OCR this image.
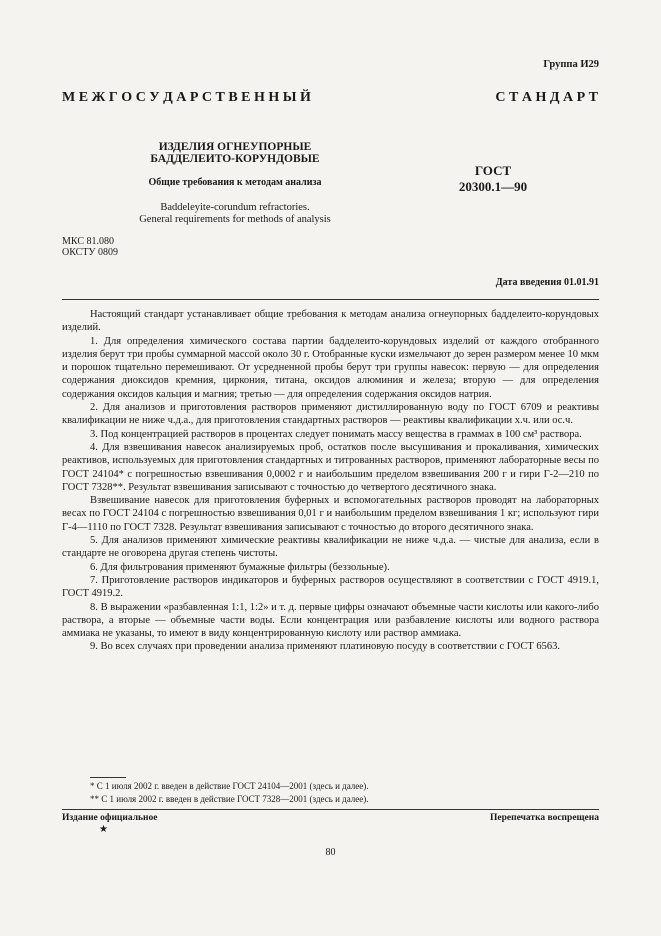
Группа И29
М Е Ж Г О С У Д А Р С Т В Е Н Н Ы Й	С Т А Н Д А Р Т
ИЗДЕЛИЯ ОГНЕУПОРНЫЕ
БАДДЕЛЕИТО-КОРУНДОВЫЕ
Общие требования к методам анализа
Baddeleyite-corundum refractories.
General requirements for methods of analysis
ГОСТ
20300.1—90
МКС 81.080
ОКСТУ 0809
Дата введения 01.01.91

Настоящий стандарт устанавливает общие требования к методам анализа огнеупорных бадделеито-корундовых изделий.

1. Для определения химического состава партии бадделеито-корундовых изделий от каждого отобранного изделия берут три пробы суммарной массой около 30 г. Отобранные куски измельчают до зерен размером менее 10 мкм и порошок тщательно перемешивают. От усредненной пробы берут три группы навесок: первую — для определения содержания диоксидов кремния, циркония, титана, оксидов алюминия и железа; вторую — для определения содержания оксидов кальция и магния; третью — для определения содержания оксидов натрия.

2. Для анализов и приготовления растворов применяют дистиллированную воду по ГОСТ 6709 и реактивы квалификации не ниже ч.д.а., для приготовления стандартных растворов — реактивы квалификации х.ч. или ос.ч.

3. Под концентрацией растворов в процентах следует понимать массу вещества в граммах в 100 см³ раствора.

4. Для взвешивания навесок анализируемых проб, остатков после высушивания и прокаливания, химических реактивов, используемых для приготовления стандартных и титрованных растворов, применяют лабораторные весы по ГОСТ 24104* с погрешностью взвешивания 0,0002 г и наибольшим пределом взвешивания 200 г и гири Г-2—210 по ГОСТ 7328**. Результат взвешивания записывают с точностью до четвертого десятичного знака.

Взвешивание навесок для приготовления буферных и вспомогательных растворов проводят на лабораторных весах по ГОСТ 24104 с погрешностью взвешивания 0,01 г и наибольшим пределом взвешивания 1 кг; используют гири Г-4—1110 по ГОСТ 7328. Результат взвешивания записывают с точностью до второго десятичного знака.

5. Для анализов применяют химические реактивы квалификации не ниже ч.д.а. — чистые для анализа, если в стандарте не оговорена другая степень чистоты.

6. Для фильтрования применяют бумажные фильтры (беззольные).

7. Приготовление растворов индикаторов и буферных растворов осуществляют в соответствии с ГОСТ 4919.1, ГОСТ 4919.2.

8. В выражении «разбавленная 1:1, 1:2» и т. д. первые цифры означают объемные части кислоты или какого-либо раствора, а вторые — объемные части воды. Если концентрация или разбавление кислоты или водного раствора аммиака не указаны, то имеют в виду концентрированную кислоту или раствор аммиака.

9. Во всех случаях при проведении анализа применяют платиновую посуду в соответствии с ГОСТ 6563.

* С 1 июля 2002 г. введен в действие ГОСТ 24104—2001 (здесь и далее).
** С 1 июля 2002 г. введен в действие ГОСТ 7328—2001 (здесь и далее).
Издание официальное
★
Перепечатка воспрещена
80
